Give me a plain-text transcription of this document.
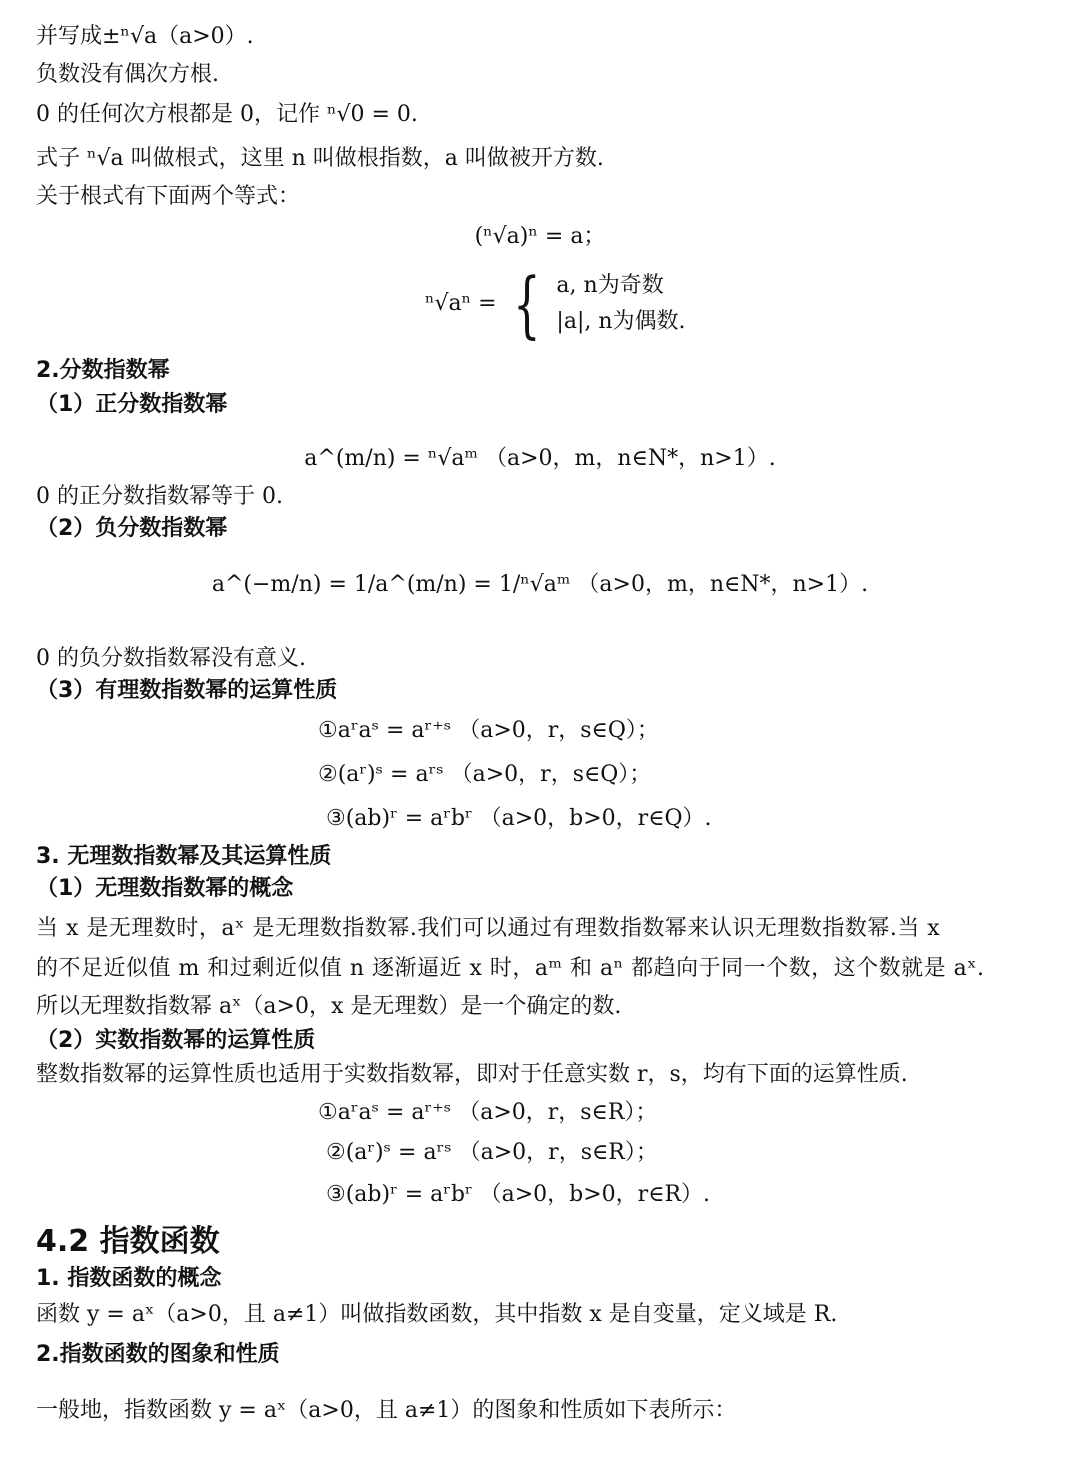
并写成±ⁿ√a（a>0）.
负数没有偶次方根.
0 的任何次方根都是 0，记作 ⁿ√0 = 0.
式子 ⁿ√a 叫做根式，这里 n 叫做根指数，a 叫做被开方数.
关于根式有下面两个等式：
(ⁿ√a)ⁿ = a；
ⁿ√aⁿ = { a, n为奇数
|a|, n为偶数.
2.分数指数幂
（1）正分数指数幂
a^(m/n) = ⁿ√aᵐ （a>0，m，n∈N*，n>1）.
0 的正分数指数幂等于 0.
（2）负分数指数幂
a^(−m/n) = 1/a^(m/n) = 1/ⁿ√aᵐ （a>0，m，n∈N*，n>1）.
0 的负分数指数幂没有意义.
（3）有理数指数幂的运算性质
①aʳaˢ = aʳ⁺ˢ （a>0，r，s∈Q）；
②(aʳ)ˢ = aʳˢ （a>0，r，s∈Q）；
③(ab)ʳ = aʳbʳ （a>0，b>0，r∈Q）.
3. 无理数指数幂及其运算性质
（1）无理数指数幂的概念
当 x 是无理数时，aˣ 是无理数指数幂.我们可以通过有理数指数幂来认识无理数指数幂.当 x
的不足近似值 m 和过剩近似值 n 逐渐逼近 x 时，aᵐ 和 aⁿ 都趋向于同一个数，这个数就是 aˣ.
所以无理数指数幂 aˣ（a>0，x 是无理数）是一个确定的数.
（2）实数指数幂的运算性质
整数指数幂的运算性质也适用于实数指数幂，即对于任意实数 r，s，均有下面的运算性质.
①aʳaˢ = aʳ⁺ˢ （a>0，r，s∈R）；
②(aʳ)ˢ = aʳˢ （a>0，r，s∈R）；
③(ab)ʳ = aʳbʳ （a>0，b>0，r∈R）.
4.2 指数函数
1. 指数函数的概念
函数 y = aˣ（a>0，且 a≠1）叫做指数函数，其中指数 x 是自变量，定义域是 R.
2.指数函数的图象和性质
一般地，指数函数 y = aˣ（a>0，且 a≠1）的图象和性质如下表所示：
